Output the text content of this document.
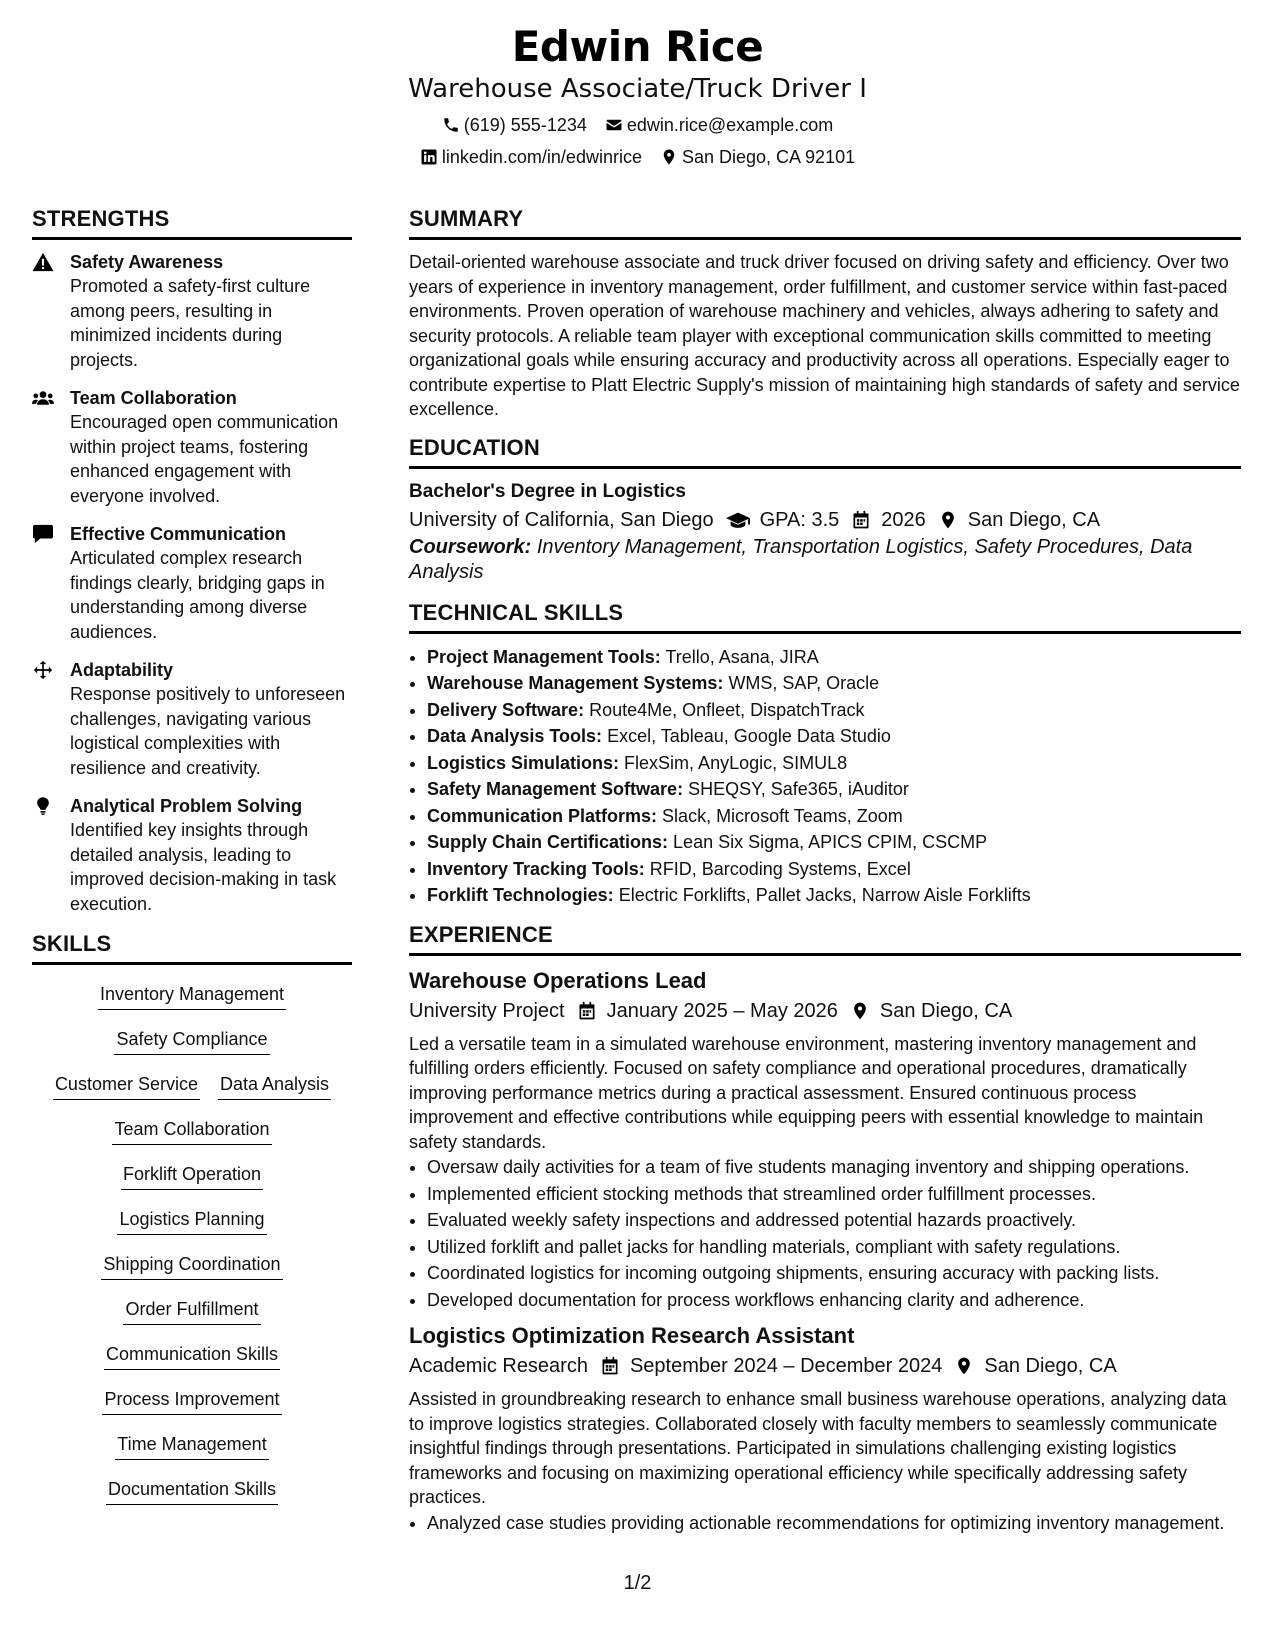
Edwin Rice
Warehouse Associate/Truck Driver I
(619) 555-1234 edwin.rice@example.com
linkedin.com/in/edwinrice San Diego, CA 92101
STRENGTHS
Safety Awareness
Promoted a safety-first culture among peers, resulting in minimized incidents during projects.
Team Collaboration
Encouraged open communication within project teams, fostering enhanced engagement with everyone involved.
Effective Communication
Articulated complex research findings clearly, bridging gaps in understanding among diverse audiences.
Adaptability
Response positively to unforeseen challenges, navigating various logistical complexities with resilience and creativity.
Analytical Problem Solving
Identified key insights through detailed analysis, leading to improved decision-making in task execution.
SKILLS
Inventory Management
Safety Compliance
Customer Service Data Analysis
Team Collaboration
Forklift Operation
Logistics Planning
Shipping Coordination
Order Fulfillment
Communication Skills
Process Improvement
Time Management
Documentation Skills
SUMMARY

Detail-oriented warehouse associate and truck driver focused on driving safety and efficiency. Over two years of experience in inventory management, order fulfillment, and customer service within fast-paced environments. Proven operation of warehouse machinery and vehicles, always adhering to safety and security protocols. A reliable team player with exceptional communication skills committed to meeting organizational goals while ensuring accuracy and productivity across all operations. Especially eager to contribute expertise to Platt Electric Supply's mission of maintaining high standards of safety and service excellence.

EDUCATION
Bachelor's Degree in Logistics
University of California, San Diego GPA: 3.5 2026 San Diego, CA
Coursework: Inventory Management, Transportation Logistics, Safety Procedures, Data Analysis
TECHNICAL SKILLS
• Project Management Tools: Trello, Asana, JIRA
• Warehouse Management Systems: WMS, SAP, Oracle
• Delivery Software: Route4Me, Onfleet, DispatchTrack
• Data Analysis Tools: Excel, Tableau, Google Data Studio
• Logistics Simulations: FlexSim, AnyLogic, SIMUL8
• Safety Management Software: SHEQSY, Safe365, iAuditor
• Communication Platforms: Slack, Microsoft Teams, Zoom
• Supply Chain Certifications: Lean Six Sigma, APICS CPIM, CSCMP
• Inventory Tracking Tools: RFID, Barcoding Systems, Excel
• Forklift Technologies: Electric Forklifts, Pallet Jacks, Narrow Aisle Forklifts
EXPERIENCE
Warehouse Operations Lead
University Project January 2025 – May 2026 San Diego, CA
Led a versatile team in a simulated warehouse environment, mastering inventory management and fulfilling orders efficiently. Focused on safety compliance and operational procedures, dramatically improving performance metrics during a practical assessment. Ensured continuous process improvement and effective contributions while equipping peers with essential knowledge to maintain safety standards.
• Oversaw daily activities for a team of five students managing inventory and shipping operations.
• Implemented efficient stocking methods that streamlined order fulfillment processes.
• Evaluated weekly safety inspections and addressed potential hazards proactively.
• Utilized forklift and pallet jacks for handling materials, compliant with safety regulations.
• Coordinated logistics for incoming outgoing shipments, ensuring accuracy with packing lists.
• Developed documentation for process workflows enhancing clarity and adherence.
Logistics Optimization Research Assistant
Academic Research September 2024 – December 2024 San Diego, CA
Assisted in groundbreaking research to enhance small business warehouse operations, analyzing data to improve logistics strategies. Collaborated closely with faculty members to seamlessly communicate insightful findings through presentations. Participated in simulations challenging existing logistics frameworks and focusing on maximizing operational efficiency while specifically addressing safety practices.
• Analyzed case studies providing actionable recommendations for optimizing inventory management.
1/2
